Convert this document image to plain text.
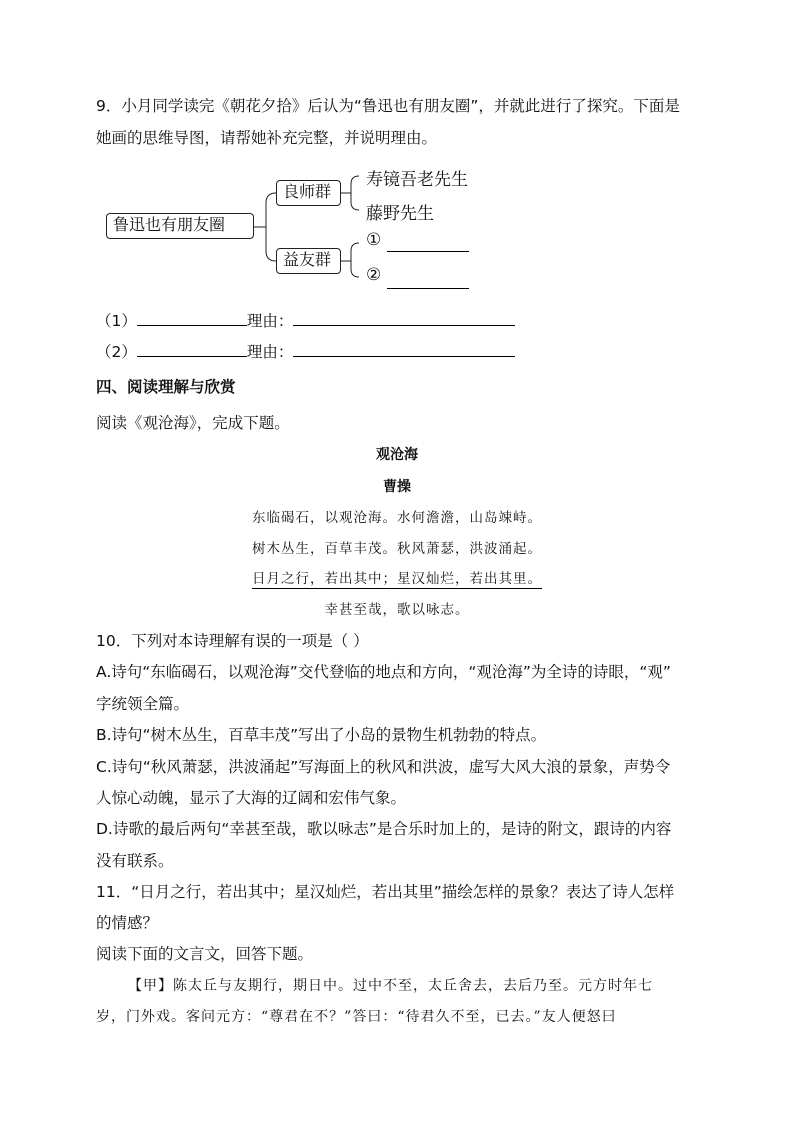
9．小月同学读完《朝花夕拾》后认为“鲁迅也有朋友圈”，并就此进行了探究。下面是
她画的思维导图，请帮她补充完整，并说明理由。
鲁迅也有朋友圈
良师群
寿镜吾老先生
藤野先生
益友群
①
②
（1）	理由：
（2）	理由：
四、阅读理解与欣赏
阅读《观沧海》，完成下题。
观沧海
曹操
东临碣石，以观沧海。水何澹澹，山岛竦峙。
树木丛生，百草丰茂。秋风萧瑟，洪波涌起。
日月之行，若出其中；星汉灿烂，若出其里。
幸甚至哉，歌以咏志。
10．下列对本诗理解有误的一项是（ ）
A.诗句“东临碣石，以观沧海”交代登临的地点和方向，“观沧海”为全诗的诗眼，“观”
字统领全篇。
B.诗句“树木丛生，百草丰茂”写出了小岛的景物生机勃勃的特点。
C.诗句“秋风萧瑟，洪波涌起”写海面上的秋风和洪波，虚写大风大浪的景象，声势令
人惊心动魄，显示了大海的辽阔和宏伟气象。
D.诗歌的最后两句“幸甚至哉，歌以咏志”是合乐时加上的，是诗的附文，跟诗的内容
没有联系。
11．“日月之行，若出其中；星汉灿烂，若出其里”描绘怎样的景象？表达了诗人怎样
的情感？
阅读下面的文言文，回答下题。
【甲】陈太丘与友期行，期日中。过中不至，太丘舍去，去后乃至。元方时年七
岁，门外戏。客问元方：“尊君在不？”答曰：“待君久不至，已去。”友人便怒曰
